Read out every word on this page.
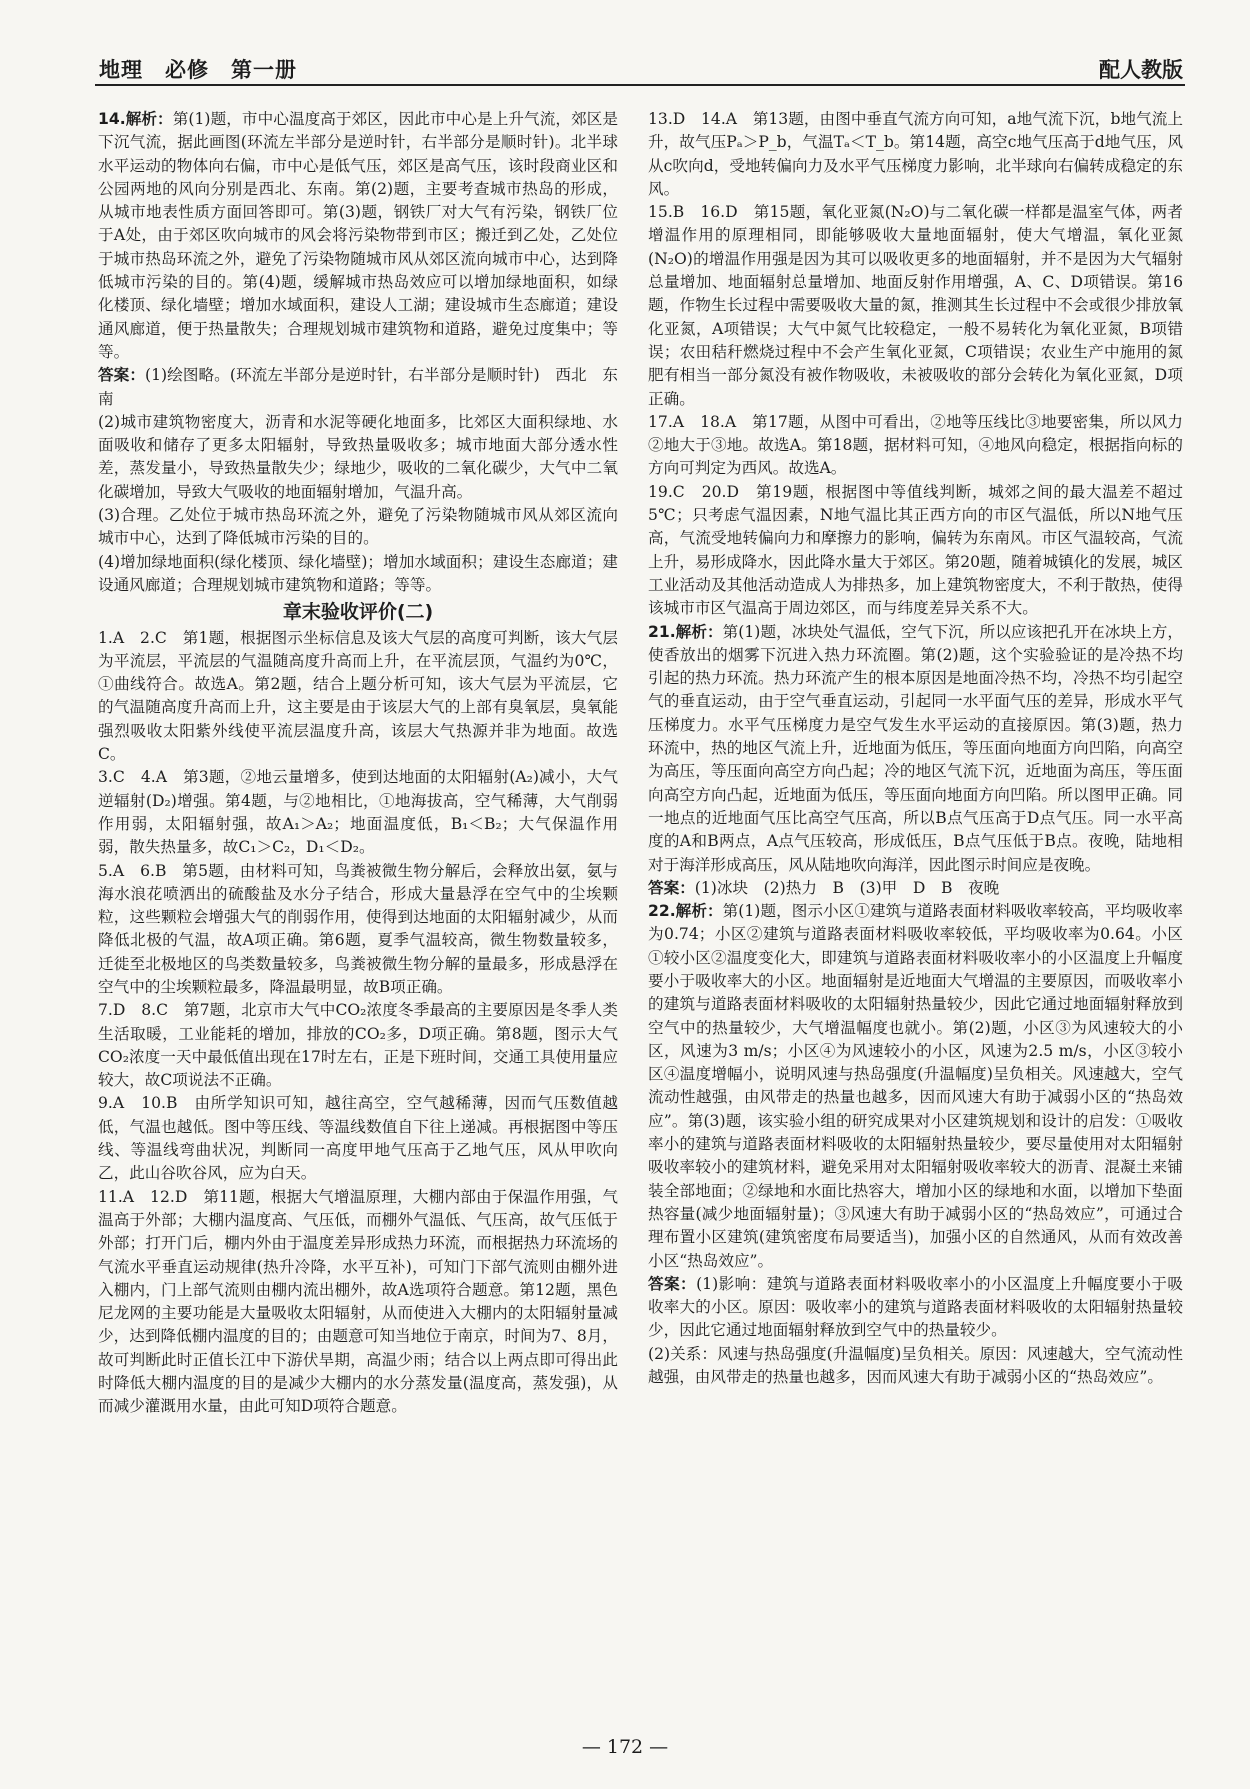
地理　必修　第一册	配人教版

14.解析：第(1)题，市中心温度高于郊区，因此市中心是上升气流，郊区是下沉气流，据此画图(环流左半部分是逆时针，右半部分是顺时针)。北半球水平运动的物体向右偏，市中心是低气压，郊区是高气压，该时段商业区和公园两地的风向分别是西北、东南。第(2)题，主要考查城市热岛的形成，从城市地表性质方面回答即可。第(3)题，钢铁厂对大气有污染，钢铁厂位于A处，由于郊区吹向城市的风会将污染物带到市区；搬迁到乙处，乙处位于城市热岛环流之外，避免了污染物随城市风从郊区流向城市中心，达到降低城市污染的目的。第(4)题，缓解城市热岛效应可以增加绿地面积，如绿化楼顶、绿化墙壁；增加水域面积，建设人工湖；建设城市生态廊道；建设通风廊道，便于热量散失；合理规划城市建筑物和道路，避免过度集中；等等。

答案：(1)绘图略。(环流左半部分是逆时针，右半部分是顺时针)　西北　东南

(2)城市建筑物密度大，沥青和水泥等硬化地面多，比郊区大面积绿地、水面吸收和储存了更多太阳辐射，导致热量吸收多；城市地面大部分透水性差，蒸发量小，导致热量散失少；绿地少，吸收的二氧化碳少，大气中二氧化碳增加，导致大气吸收的地面辐射增加，气温升高。

(3)合理。乙处位于城市热岛环流之外，避免了污染物随城市风从郊区流向城市中心，达到了降低城市污染的目的。

(4)增加绿地面积(绿化楼顶、绿化墙壁)；增加水域面积；建设生态廊道；建设通风廊道；合理规划城市建筑物和道路；等等。

章末验收评价(二)

1.A　2.C　第1题，根据图示坐标信息及该大气层的高度可判断，该大气层为平流层，平流层的气温随高度升高而上升，在平流层顶，气温约为0℃，①曲线符合。故选A。第2题，结合上题分析可知，该大气层为平流层，它的气温随高度升高而上升，这主要是由于该层大气的上部有臭氧层，臭氧能强烈吸收太阳紫外线使平流层温度升高，该层大气热源并非为地面。故选C。

3.C　4.A　第3题，②地云量增多，使到达地面的太阳辐射(A₂)减小，大气逆辐射(D₂)增强。第4题，与②地相比，①地海拔高，空气稀薄，大气削弱作用弱，太阳辐射强，故A₁＞A₂；地面温度低，B₁＜B₂；大气保温作用弱，散失热量多，故C₁＞C₂，D₁＜D₂。

5.A　6.B　第5题，由材料可知，鸟粪被微生物分解后，会释放出氨，氨与海水浪花喷洒出的硫酸盐及水分子结合，形成大量悬浮在空气中的尘埃颗粒，这些颗粒会增强大气的削弱作用，使得到达地面的太阳辐射减少，从而降低北极的气温，故A项正确。第6题，夏季气温较高，微生物数量较多，迁徙至北极地区的鸟类数量较多，鸟粪被微生物分解的量最多，形成悬浮在空气中的尘埃颗粒最多，降温最明显，故B项正确。

7.D　8.C　第7题，北京市大气中CO₂浓度冬季最高的主要原因是冬季人类生活取暖，工业能耗的增加，排放的CO₂多，D项正确。第8题，图示大气CO₂浓度一天中最低值出现在17时左右，正是下班时间，交通工具使用量应较大，故C项说法不正确。

9.A　10.B　由所学知识可知，越往高空，空气越稀薄，因而气压数值越低，气温也越低。图中等压线、等温线数值自下往上递减。再根据图中等压线、等温线弯曲状况，判断同一高度甲地气压高于乙地气压，风从甲吹向乙，此山谷吹谷风，应为白天。

11.A　12.D　第11题，根据大气增温原理，大棚内部由于保温作用强，气温高于外部；大棚内温度高、气压低，而棚外气温低、气压高，故气压低于外部；打开门后，棚内外由于温度差异形成热力环流，而根据热力环流场的气流水平垂直运动规律(热升冷降，水平互补)，可知门下部气流则由棚外进入棚内，门上部气流则由棚内流出棚外，故A选项符合题意。第12题，黑色尼龙网的主要功能是大量吸收太阳辐射，从而使进入大棚内的太阳辐射量减少，达到降低棚内温度的目的；由题意可知当地位于南京，时间为7、8月，故可判断此时正值长江中下游伏旱期，高温少雨；结合以上两点即可得出此时降低大棚内温度的目的是减少大棚内的水分蒸发量(温度高，蒸发强)，从而减少灌溉用水量，由此可知D项符合题意。

13.D　14.A　第13题，由图中垂直气流方向可知，a地气流下沉，b地气流上升，故气压Pₐ＞P_b，气温Tₐ＜T_b。第14题，高空c地气压高于d地气压，风从c吹向d，受地转偏向力及水平气压梯度力影响，北半球向右偏转成稳定的东风。

15.B　16.D　第15题，氧化亚氮(N₂O)与二氧化碳一样都是温室气体，两者增温作用的原理相同，即能够吸收大量地面辐射，使大气增温，氧化亚氮(N₂O)的增温作用强是因为其可以吸收更多的地面辐射，并不是因为大气辐射总量增加、地面辐射总量增加、地面反射作用增强，A、C、D项错误。第16题，作物生长过程中需要吸收大量的氮，推测其生长过程中不会或很少排放氧化亚氮，A项错误；大气中氮气比较稳定，一般不易转化为氧化亚氮，B项错误；农田秸秆燃烧过程中不会产生氧化亚氮，C项错误；农业生产中施用的氮肥有相当一部分氮没有被作物吸收，未被吸收的部分会转化为氧化亚氮，D项正确。

17.A　18.A　第17题，从图中可看出，②地等压线比③地要密集，所以风力②地大于③地。故选A。第18题，据材料可知，④地风向稳定，根据指向标的方向可判定为西风。故选A。

19.C　20.D　第19题，根据图中等值线判断，城郊之间的最大温差不超过5℃；只考虑气温因素，N地气温比其正西方向的市区气温低，所以N地气压高，气流受地转偏向力和摩擦力的影响，偏转为东南风。市区气温较高，气流上升，易形成降水，因此降水量大于郊区。第20题，随着城镇化的发展，城区工业活动及其他活动造成人为排热多，加上建筑物密度大，不利于散热，使得该城市市区气温高于周边郊区，而与纬度差异关系不大。

21.解析：第(1)题，冰块处气温低，空气下沉，所以应该把孔开在冰块上方，使香放出的烟雾下沉进入热力环流圈。第(2)题，这个实验验证的是冷热不均引起的热力环流。热力环流产生的根本原因是地面冷热不均，冷热不均引起空气的垂直运动，由于空气垂直运动，引起同一水平面气压的差异，形成水平气压梯度力。水平气压梯度力是空气发生水平运动的直接原因。第(3)题，热力环流中，热的地区气流上升，近地面为低压，等压面向地面方向凹陷，向高空为高压，等压面向高空方向凸起；冷的地区气流下沉，近地面为高压，等压面向高空方向凸起，近地面为低压，等压面向地面方向凹陷。所以图甲正确。同一地点的近地面气压比高空气压高，所以B点气压高于D点气压。同一水平高度的A和B两点，A点气压较高，形成低压，B点气压低于B点。夜晚，陆地相对于海洋形成高压，风从陆地吹向海洋，因此图示时间应是夜晚。

答案：(1)冰块　(2)热力　B　(3)甲　D　B　夜晚

22.解析：第(1)题，图示小区①建筑与道路表面材料吸收率较高，平均吸收率为0.74；小区②建筑与道路表面材料吸收率较低，平均吸收率为0.64。小区①较小区②温度变化大，即建筑与道路表面材料吸收率小的小区温度上升幅度要小于吸收率大的小区。地面辐射是近地面大气增温的主要原因，而吸收率小的建筑与道路表面材料吸收的太阳辐射热量较少，因此它通过地面辐射释放到空气中的热量较少，大气增温幅度也就小。第(2)题，小区③为风速较大的小区，风速为3 m/s；小区④为风速较小的小区，风速为2.5 m/s，小区③较小区④温度增幅小，说明风速与热岛强度(升温幅度)呈负相关。风速越大，空气流动性越强，由风带走的热量也越多，因而风速大有助于减弱小区的“热岛效应”。第(3)题，该实验小组的研究成果对小区建筑规划和设计的启发：①吸收率小的建筑与道路表面材料吸收的太阳辐射热量较少，要尽量使用对太阳辐射吸收率较小的建筑材料，避免采用对太阳辐射吸收率较大的沥青、混凝土来铺装全部地面；②绿地和水面比热容大，增加小区的绿地和水面，以增加下垫面热容量(减少地面辐射量)；③风速大有助于减弱小区的“热岛效应”，可通过合理布置小区建筑(建筑密度布局要适当)，加强小区的自然通风，从而有效改善小区“热岛效应”。

答案：(1)影响：建筑与道路表面材料吸收率小的小区温度上升幅度要小于吸收率大的小区。原因：吸收率小的建筑与道路表面材料吸收的太阳辐射热量较少，因此它通过地面辐射释放到空气中的热量较少。

(2)关系：风速与热岛强度(升温幅度)呈负相关。原因：风速越大，空气流动性越强，由风带走的热量也越多，因而风速大有助于减弱小区的“热岛效应”。

— 172 —
